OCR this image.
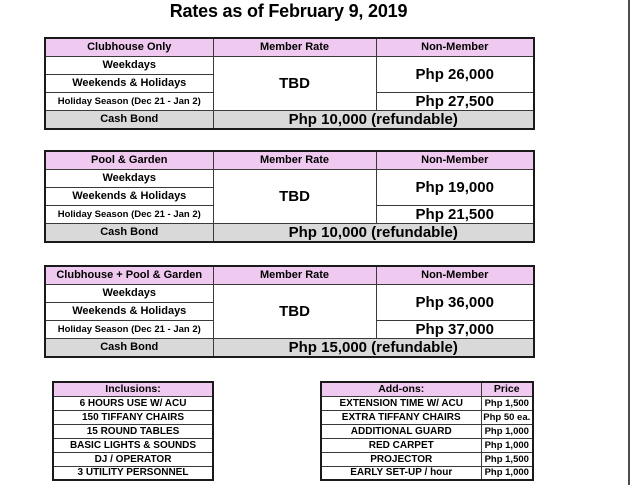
Rates as of February 9, 2019
Clubhouse Only	Member Rate	Non-Member
Weekdays	TBD	Php 26,000
Weekends & Holidays		
Holiday Season (Dec 21 - Jan 2)		Php 27,500
Cash Bond	Php 10,000 (refundable)	
Pool & Garden	Member Rate	Non-Member
Weekdays	TBD	Php 19,000
Weekends & Holidays		
Holiday Season (Dec 21 - Jan 2)		Php 21,500
Cash Bond	Php 10,000 (refundable)	
Clubhouse + Pool & Garden	Member Rate	Non-Member
Weekdays	TBD	Php 36,000
Weekends & Holidays		
Holiday Season (Dec 21 - Jan 2)		Php 37,000
Cash Bond	Php 15,000 (refundable)	
Inclusions:
6 HOURS USE W/ ACU
150 TIFFANY CHAIRS
15 ROUND TABLES
BASIC LIGHTS & SOUNDS
DJ / OPERATOR
3 UTILITY PERSONNEL
Add-ons:	Price
EXTENSION TIME W/ ACU	Php 1,500
EXTRA TIFFANY CHAIRS	Php 50 ea.
ADDITIONAL GUARD	Php 1,000
RED CARPET	Php 1,000
PROJECTOR	Php 1,500
EARLY SET-UP / hour	Php 1,000
